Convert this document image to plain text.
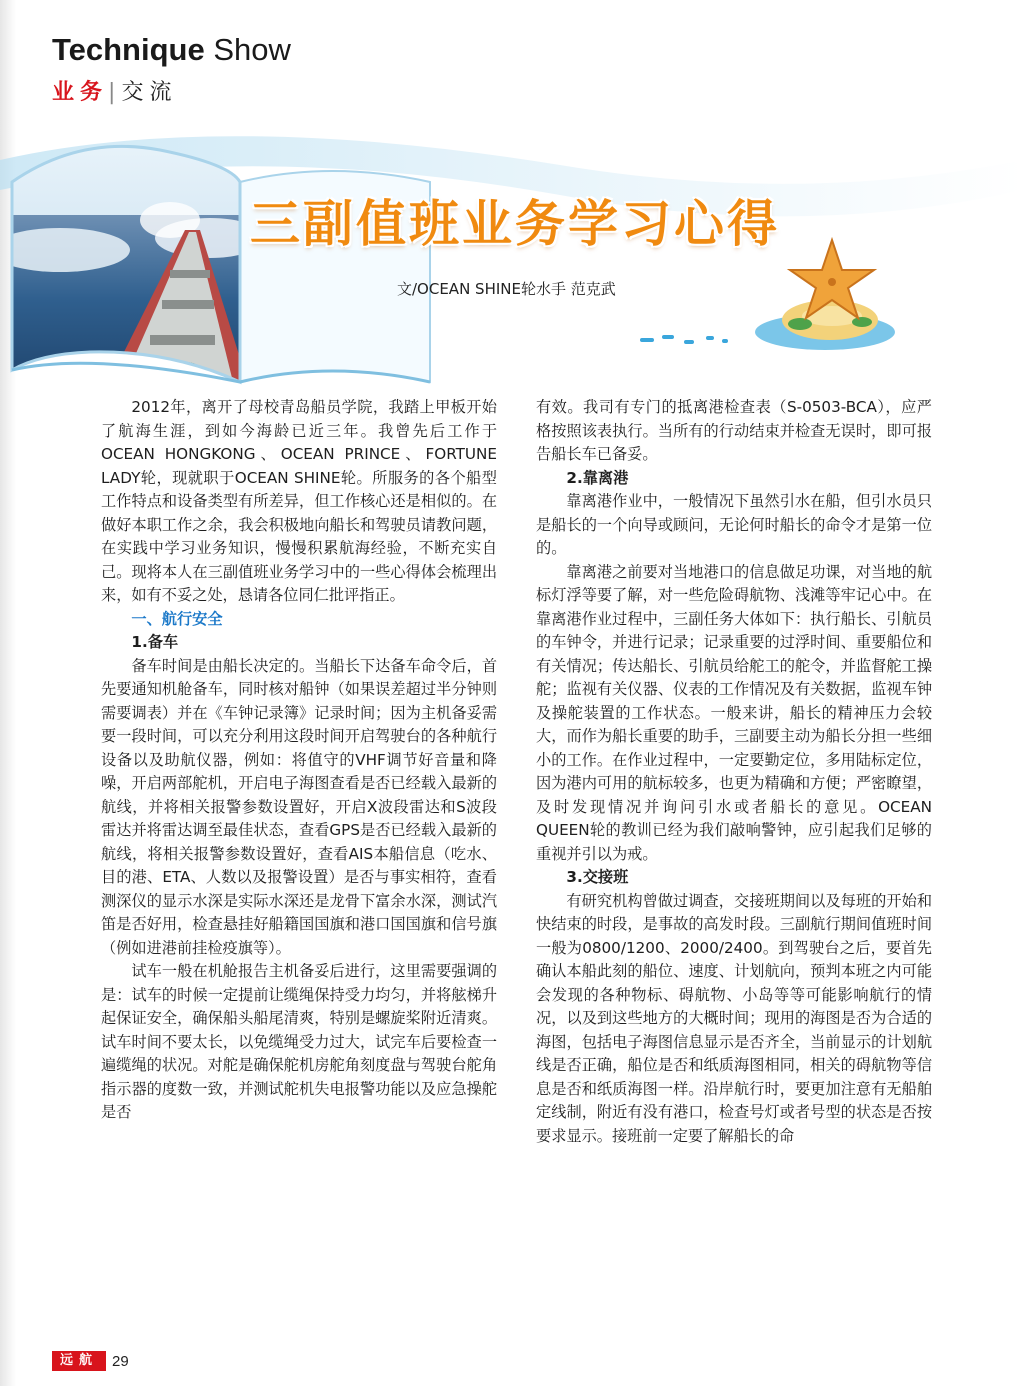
Technique Show
业务| 交流
三副值班业务学习心得
文/OCEAN SHINE轮水手 范克武

2012年，离开了母校青岛船员学院，我踏上甲板开始了航海生涯，到如今海龄已近三年。我曾先后工作于OCEAN HONGKONG、OCEAN PRINCE、FORTUNE LADY轮，现就职于OCEAN SHINE轮。所服务的各个船型工作特点和设备类型有所差异，但工作核心还是相似的。在做好本职工作之余，我会积极地向船长和驾驶员请教问题，在实践中学习业务知识，慢慢积累航海经验，不断充实自己。现将本人在三副值班业务学习中的一些心得体会梳理出来，如有不妥之处，恳请各位同仁批评指正。

一、航行安全
1.备车

备车时间是由船长决定的。当船长下达备车命令后，首先要通知机舱备车，同时核对船钟（如果误差超过半分钟则需要调表）并在《车钟记录簿》记录时间；因为主机备妥需要一段时间，可以充分利用这段时间开启驾驶台的各种航行设备以及助航仪器，例如：将值守的VHF调节好音量和降噪，开启两部舵机，开启电子海图查看是否已经载入最新的航线，并将相关报警参数设置好，开启X波段雷达和S波段雷达并将雷达调至最佳状态，查看GPS是否已经载入最新的航线，将相关报警参数设置好，查看AIS本船信息（吃水、目的港、ETA、人数以及报警设置）是否与事实相符，查看测深仪的显示水深是实际水深还是龙骨下富余水深，测试汽笛是否好用，检查悬挂好船籍国国旗和港口国国旗和信号旗（例如进港前挂检疫旗等）。

试车一般在机舱报告主机备妥后进行，这里需要强调的是：试车的时候一定提前让缆绳保持受力均匀，并将舷梯升起保证安全，确保船头船尾清爽，特别是螺旋桨附近清爽。试车时间不要太长，以免缆绳受力过大，试完车后要检查一遍缆绳的状况。对舵是确保舵机房舵角刻度盘与驾驶台舵角指示器的度数一致，并测试舵机失电报警功能以及应急操舵是否

有效。我司有专门的抵离港检查表（S-0503-BCA），应严格按照该表执行。当所有的行动结束并检查无误时，即可报告船长车已备妥。

2.靠离港

靠离港作业中，一般情况下虽然引水在船，但引水员只是船长的一个向导或顾问，无论何时船长的命令才是第一位的。

靠离港之前要对当地港口的信息做足功课，对当地的航标灯浮等要了解，对一些危险碍航物、浅滩等牢记心中。在靠离港作业过程中，三副任务大体如下：执行船长、引航员的车钟令，并进行记录；记录重要的过浮时间、重要船位和有关情况；传达船长、引航员给舵工的舵令，并监督舵工操舵；监视有关仪器、仪表的工作情况及有关数据，监视车钟及操舵装置的工作状态。一般来讲，船长的精神压力会较大，而作为船长重要的助手，三副要主动为船长分担一些细小的工作。在作业过程中，一定要勤定位，多用陆标定位，因为港内可用的航标较多，也更为精确和方便；严密瞭望，及时发现情况并询问引水或者船长的意见。OCEAN QUEEN轮的教训已经为我们敲响警钟，应引起我们足够的重视并引以为戒。

3.交接班

有研究机构曾做过调查，交接班期间以及每班的开始和快结束的时段，是事故的高发时段。三副航行期间值班时间一般为0800/1200、2000/2400。到驾驶台之后，要首先确认本船此刻的船位、速度、计划航向，预判本班之内可能会发现的各种物标、碍航物、小岛等等可能影响航行的情况，以及到这些地方的大概时间；现用的海图是否为合适的海图，包括电子海图信息显示是否齐全，当前显示的计划航线是否正确，船位是否和纸质海图相同，相关的碍航物等信息是否和纸质海图一样。沿岸航行时，要更加注意有无船舶定线制，附近有没有港口，检查号灯或者号型的状态是否按要求显示。接班前一定要了解船长的命

远航 29
